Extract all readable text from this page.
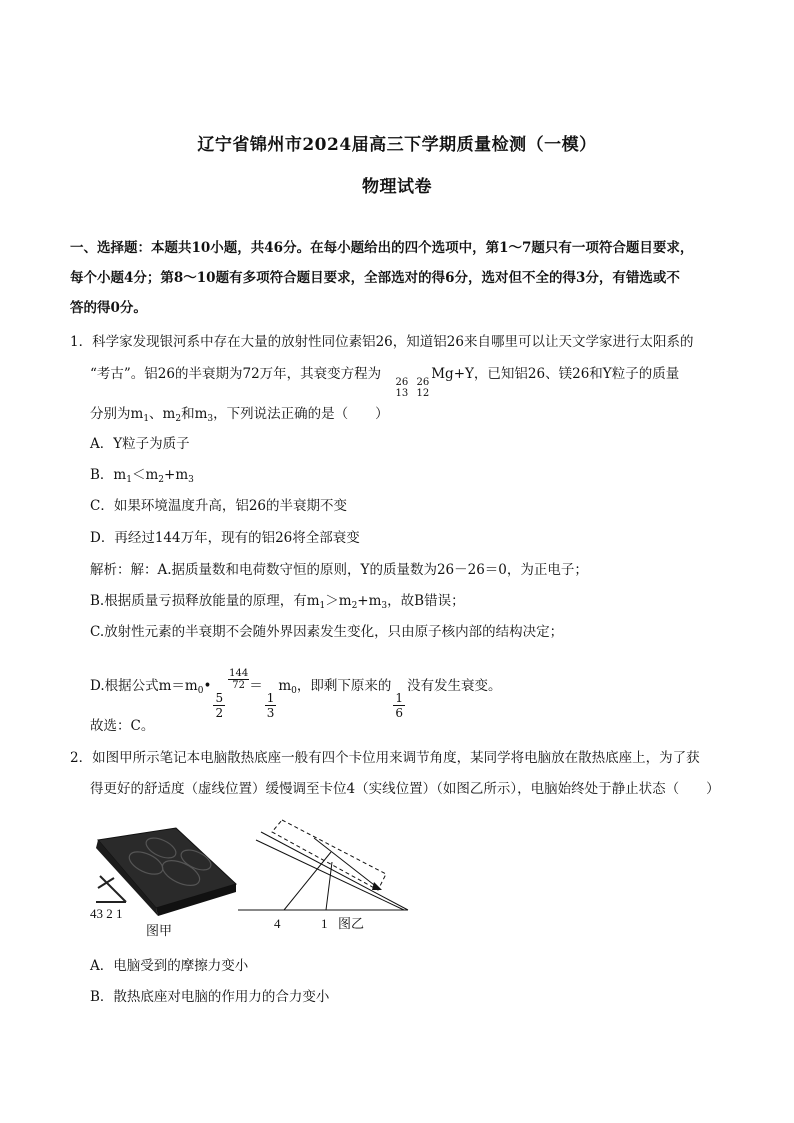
辽宁省锦州市2024届高三下学期质量检测（一模）
物理试卷
一、选择题：本题共10小题，共46分。在每小题给出的四个选项中，第1～7题只有一项符合题目要求，
每个小题4分；第8～10题有多项符合题目要求，全部选对的得6分，选对但不全的得3分，有错选或不
答的得0分。
1．科学家发现银河系中存在大量的放射性同位素铝26，知道铝26来自哪里可以让天文学家进行太阳系的
“考古”。铝26的半衰期为72万年，其衰变方程为
26
13

26
12
Mg+Y，已知铝26、镁26和Y粒子的质量
分别为$m_1$、$m_2$和$m_3$，下列说法正确的是（　　）
A．Y粒子为质子
B．$m_1<m_2+m_3$
C．如果环境温度升高，铝26的半衰期不变
D．再经过144万年，现有的铝26将全部衰变
解析：解：A.据质量数和电荷数守恒的原则，Y的质量数为26－26＝0，为正电子；
B.根据质量亏损释放能量的原理，有$m_1>m_2+m_3$，故B错误；
C.放射性元素的半衰期不会随外界因素发生变化，只由原子核内部的结构决定；
D.根据公式$m=m_0•$
$\frac{5}{2}$
$\frac{144}{72}$ ＝
$\frac{1}{3}$
$m_0$，即剩下原来的
$\frac{1}{6}$
没有发生衰变。
故选：C。
2．如图甲所示笔记本电脑散热底座一般有四个卡位用来调节角度，某同学将电脑放在散热底座上，为了获
得更好的舒适度（虚线位置）缓慢调至卡位4（实线位置）（如图乙所示），电脑始终处于静止状态（　　）
43 2 1
图甲
4	1 图乙
A．电脑受到的摩擦力变小
B．散热底座对电脑的作用力的合力变小
